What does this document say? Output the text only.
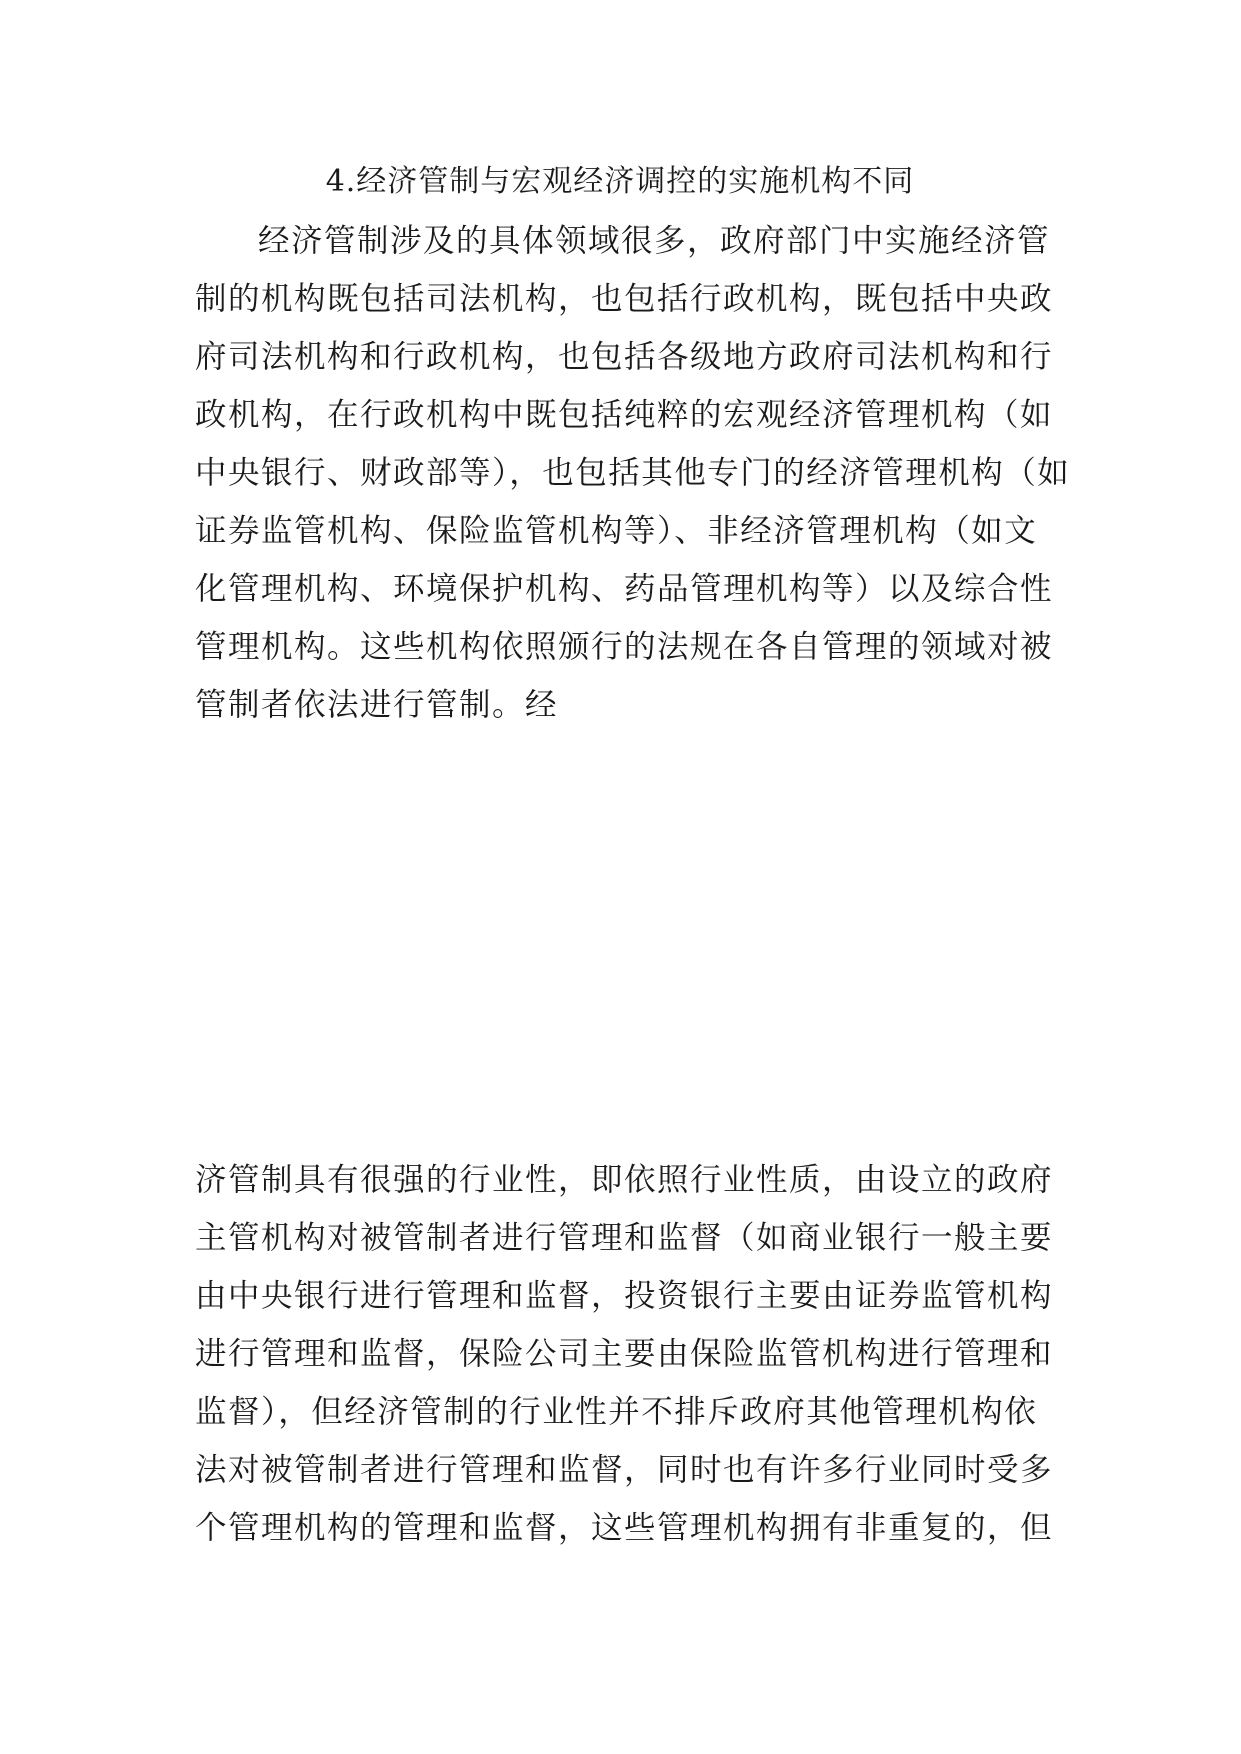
4.经济管制与宏观经济调控的实施机构不同
经济管制涉及的具体领域很多，政府部门中实施经济管
制的机构既包括司法机构，也包括行政机构，既包括中央政
府司法机构和行政机构，也包括各级地方政府司法机构和行
政机构，在行政机构中既包括纯粹的宏观经济管理机构（如
中央银行、财政部等），也包括其他专门的经济管理机构（如
证券监管机构、保险监管机构等）、非经济管理机构（如文
化管理机构、环境保护机构、药品管理机构等）以及综合性
管理机构。这些机构依照颁行的法规在各自管理的领域对被
管制者依法进行管制。经
济管制具有很强的行业性，即依照行业性质，由设立的政府
主管机构对被管制者进行管理和监督（如商业银行一般主要
由中央银行进行管理和监督，投资银行主要由证券监管机构
进行管理和监督，保险公司主要由保险监管机构进行管理和
监督），但经济管制的行业性并不排斥政府其他管理机构依
法对被管制者进行管理和监督，同时也有许多行业同时受多
个管理机构的管理和监督，这些管理机构拥有非重复的，但
